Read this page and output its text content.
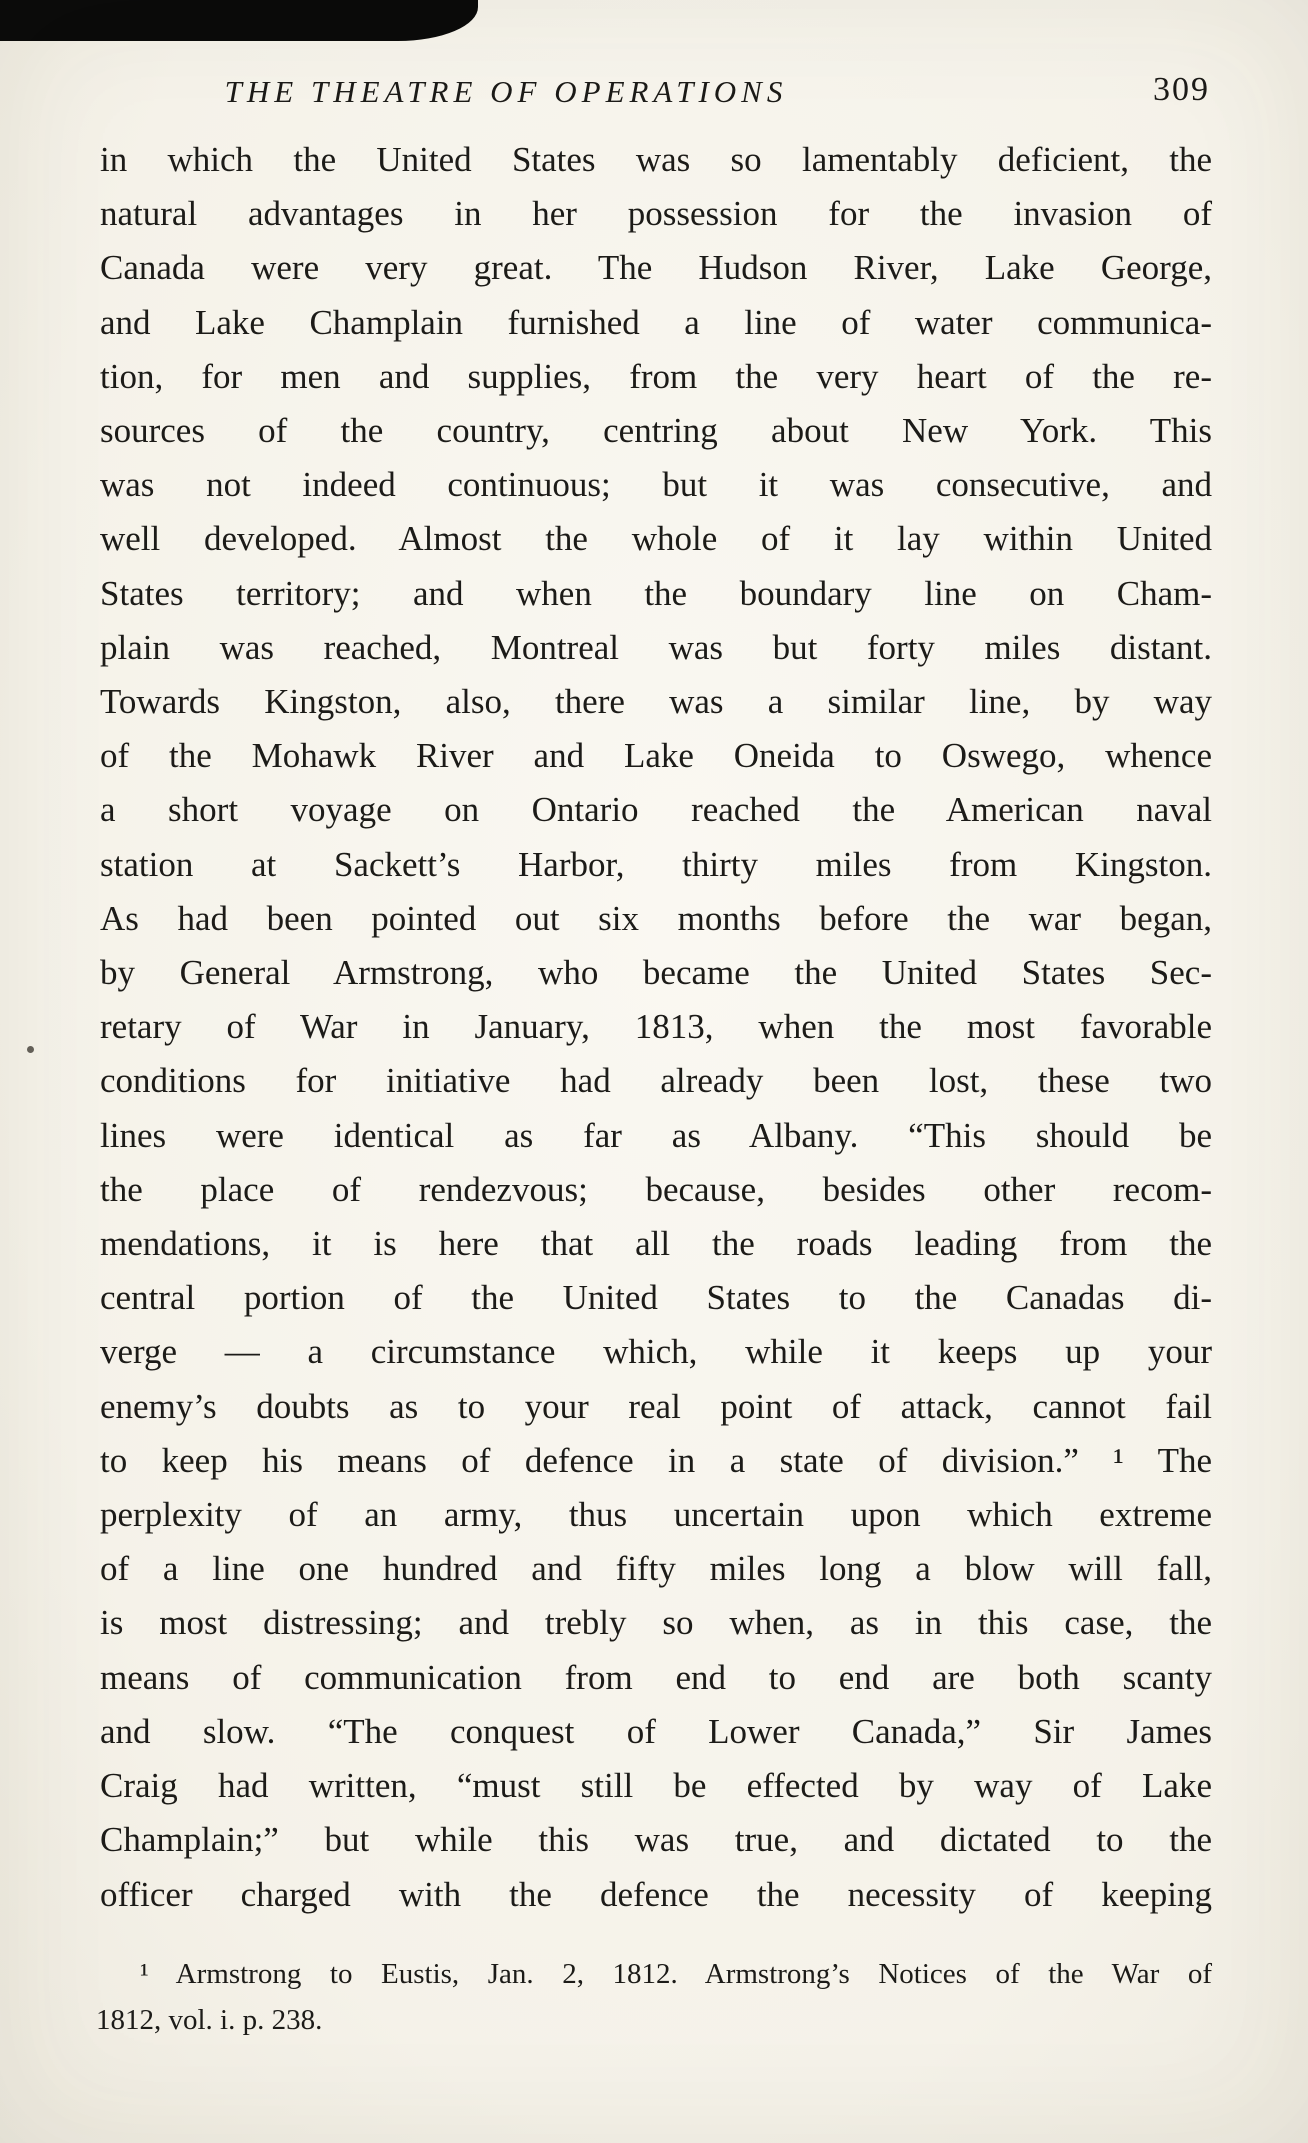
THE THEATRE OF OPERATIONS	309
in which the United States was so lamentably deficient, the
natural advantages in her possession for the invasion of
Canada were very great. The Hudson River, Lake George,
and Lake Champlain furnished a line of water communica-
tion, for men and supplies, from the very heart of the re-
sources of the country, centring about New York. This
was not indeed continuous; but it was consecutive, and
well developed. Almost the whole of it lay within United
States territory; and when the boundary line on Cham-
plain was reached, Montreal was but forty miles distant.
Towards Kingston, also, there was a similar line, by way
of the Mohawk River and Lake Oneida to Oswego, whence
a short voyage on Ontario reached the American naval
station at Sackett’s Harbor, thirty miles from Kingston.
As had been pointed out six months before the war began,
by General Armstrong, who became the United States Sec-
retary of War in January, 1813, when the most favorable
conditions for initiative had already been lost, these two
lines were identical as far as Albany. “This should be
the place of rendezvous; because, besides other recom-
mendations, it is here that all the roads leading from the
central portion of the United States to the Canadas di-
verge — a circumstance which, while it keeps up your
enemy’s doubts as to your real point of attack, cannot fail
to keep his means of defence in a state of division.” ¹ The
perplexity of an army, thus uncertain upon which extreme
of a line one hundred and fifty miles long a blow will fall,
is most distressing; and trebly so when, as in this case, the
means of communication from end to end are both scanty
and slow. “The conquest of Lower Canada,” Sir James
Craig had written, “must still be effected by way of Lake
Champlain;” but while this was true, and dictated to the
officer charged with the defence the necessity of keeping
¹ Armstrong to Eustis, Jan. 2, 1812. Armstrong’s Notices of the War of
1812, vol. i. p. 238.
